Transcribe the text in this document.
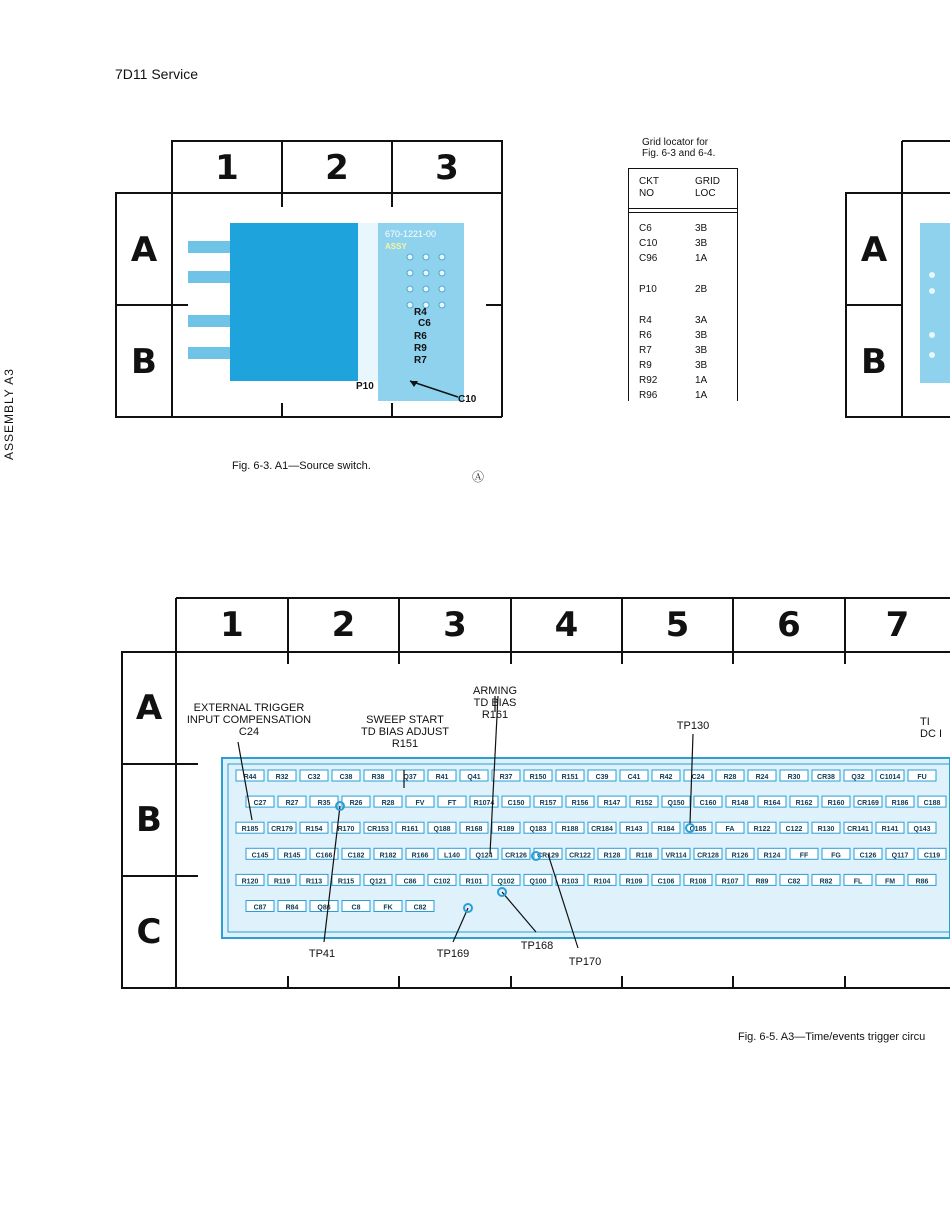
7D11 Service
ASSEMBLY A3
670-1221-00
ASSY
R4
C6
R6
R9
R7
P10
C10
1	2	3
A
B
Fig. 6-3. A1—Source switch.
Ⓐ
Grid locator for
Fig. 6-3 and 6-4.
CKT
NO
GRID
LOC
C6	3B
C10	3B
C96	1A
P10	2B
R4	3A
R6	3B
R7	3B
R9	3B
R92	1A
R96	1A
A
B
R44	R32	C32	C38	R38	Q37	R41	Q41	R37 R150 R151 C39	C41	R42	C24	R28	R24	R30 CR38 Q32 C1014 FU
C27	R27	R35	R26	R28	FV	FT R1074 C150 R157 R156 R147 R152 Q150 C160 R148 R164 R162 R160 CR169 R186 C188
R185 CR179 R154 R170 CR153 R161 Q188 R168 R189 Q183 R188 CR184 R143 R184 C185	FA	R122 C122 R130 CR141 R141 Q143
C145 R145 C166 C182 R182 R166 L140 Q124 CR126 CR129 CR122 R128 R118 VR114 CR128 R126 R124	FF	FG	C126 Q117 C119
R120 R119 R113 R115 Q121 C86 C102 R101 Q102 Q100 R103 R104 R109 C106 R108 R107 R89	C82	R82	FL	FM	R86
C87	R84	Q86	C8	FK	C82
1	2	3	4	5	6	7
A
B
C
EXTERNAL TRIGGER
INPUT COMPENSATION
C24
SWEEP START
TD BIAS ADJUST
R151
ARMING
TD BIAS
R161
TP130
TP41	TP169
TP168
TP170
TI
DC I
Fig. 6-5. A3—Time/events trigger circu
